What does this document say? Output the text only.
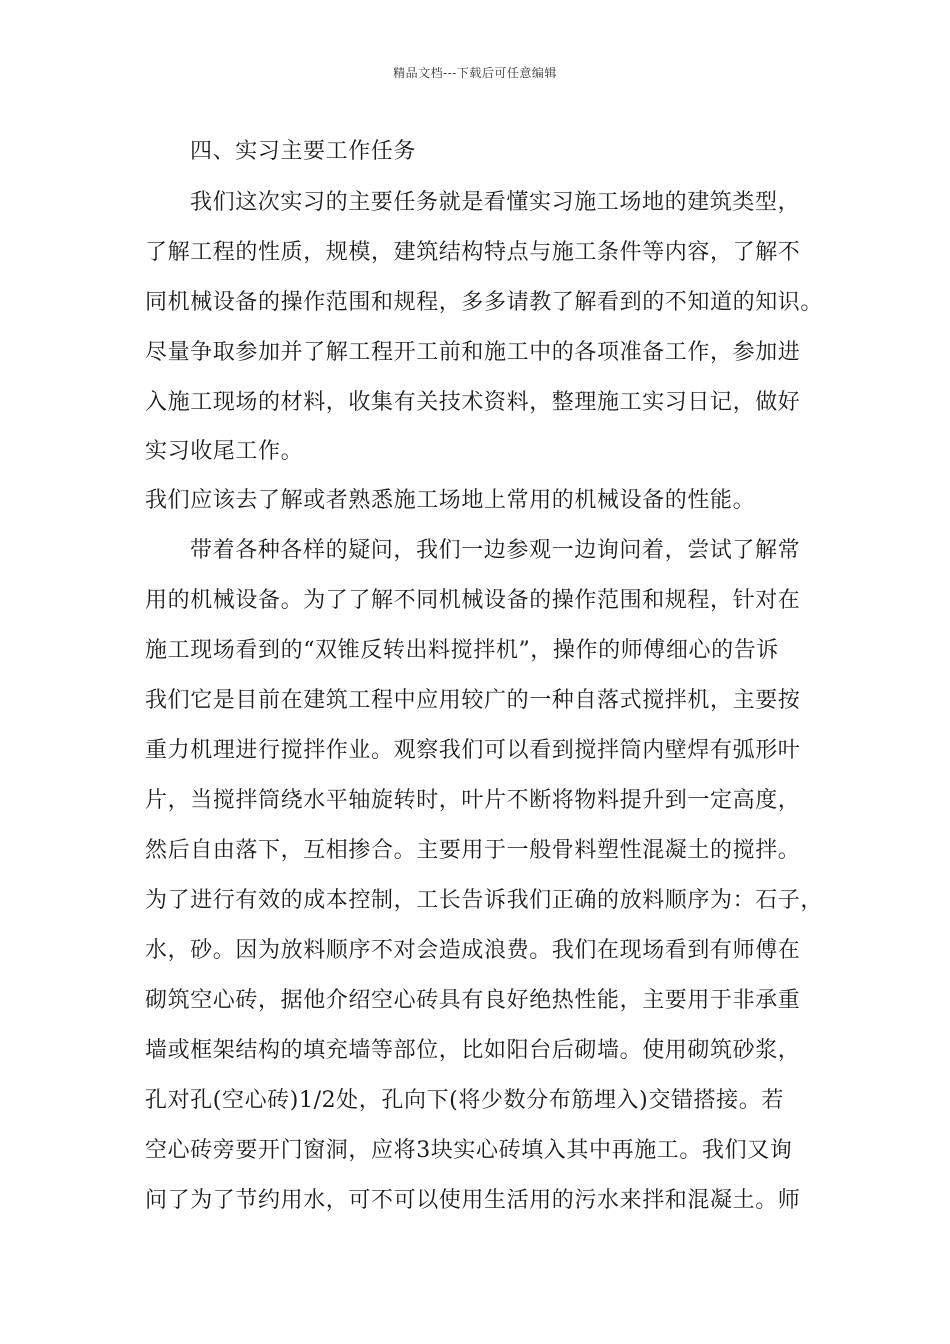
精品文档---下载后可任意编辑
四、实习主要工作任务
我们这次实习的主要任务就是看懂实习施工场地的建筑类型，
了解工程的性质，规模，建筑结构特点与施工条件等内容，了解不
同机械设备的操作范围和规程，多多请教了解看到的不知道的知识。
尽量争取参加并了解工程开工前和施工中的各项准备工作，参加进
入施工现场的材料，收集有关技术资料，整理施工实习日记，做好
实习收尾工作。
我们应该去了解或者熟悉施工场地上常用的机械设备的性能。
带着各种各样的疑问，我们一边参观一边询问着，尝试了解常
用的机械设备。为了了解不同机械设备的操作范围和规程，针对在
施工现场看到的“双锥反转出料搅拌机”，操作的师傅细心的告诉
我们它是目前在建筑工程中应用较广的一种自落式搅拌机，主要按
重力机理进行搅拌作业。观察我们可以看到搅拌筒内壁焊有弧形叶
片，当搅拌筒绕水平轴旋转时，叶片不断将物料提升到一定高度，
然后自由落下，互相掺合。主要用于一般骨料塑性混凝土的搅拌。
为了进行有效的成本控制，工长告诉我们正确的放料顺序为：石子，
水，砂。因为放料顺序不对会造成浪费。我们在现场看到有师傅在
砌筑空心砖，据他介绍空心砖具有良好绝热性能，主要用于非承重
墙或框架结构的填充墙等部位，比如阳台后砌墙。使用砌筑砂浆，
孔对孔(空心砖)1/2处，孔向下(将少数分布筋埋入)交错搭接。若
空心砖旁要开门窗洞，应将3块实心砖填入其中再施工。我们又询
问了为了节约用水，可不可以使用生活用的污水来拌和混凝土。师
